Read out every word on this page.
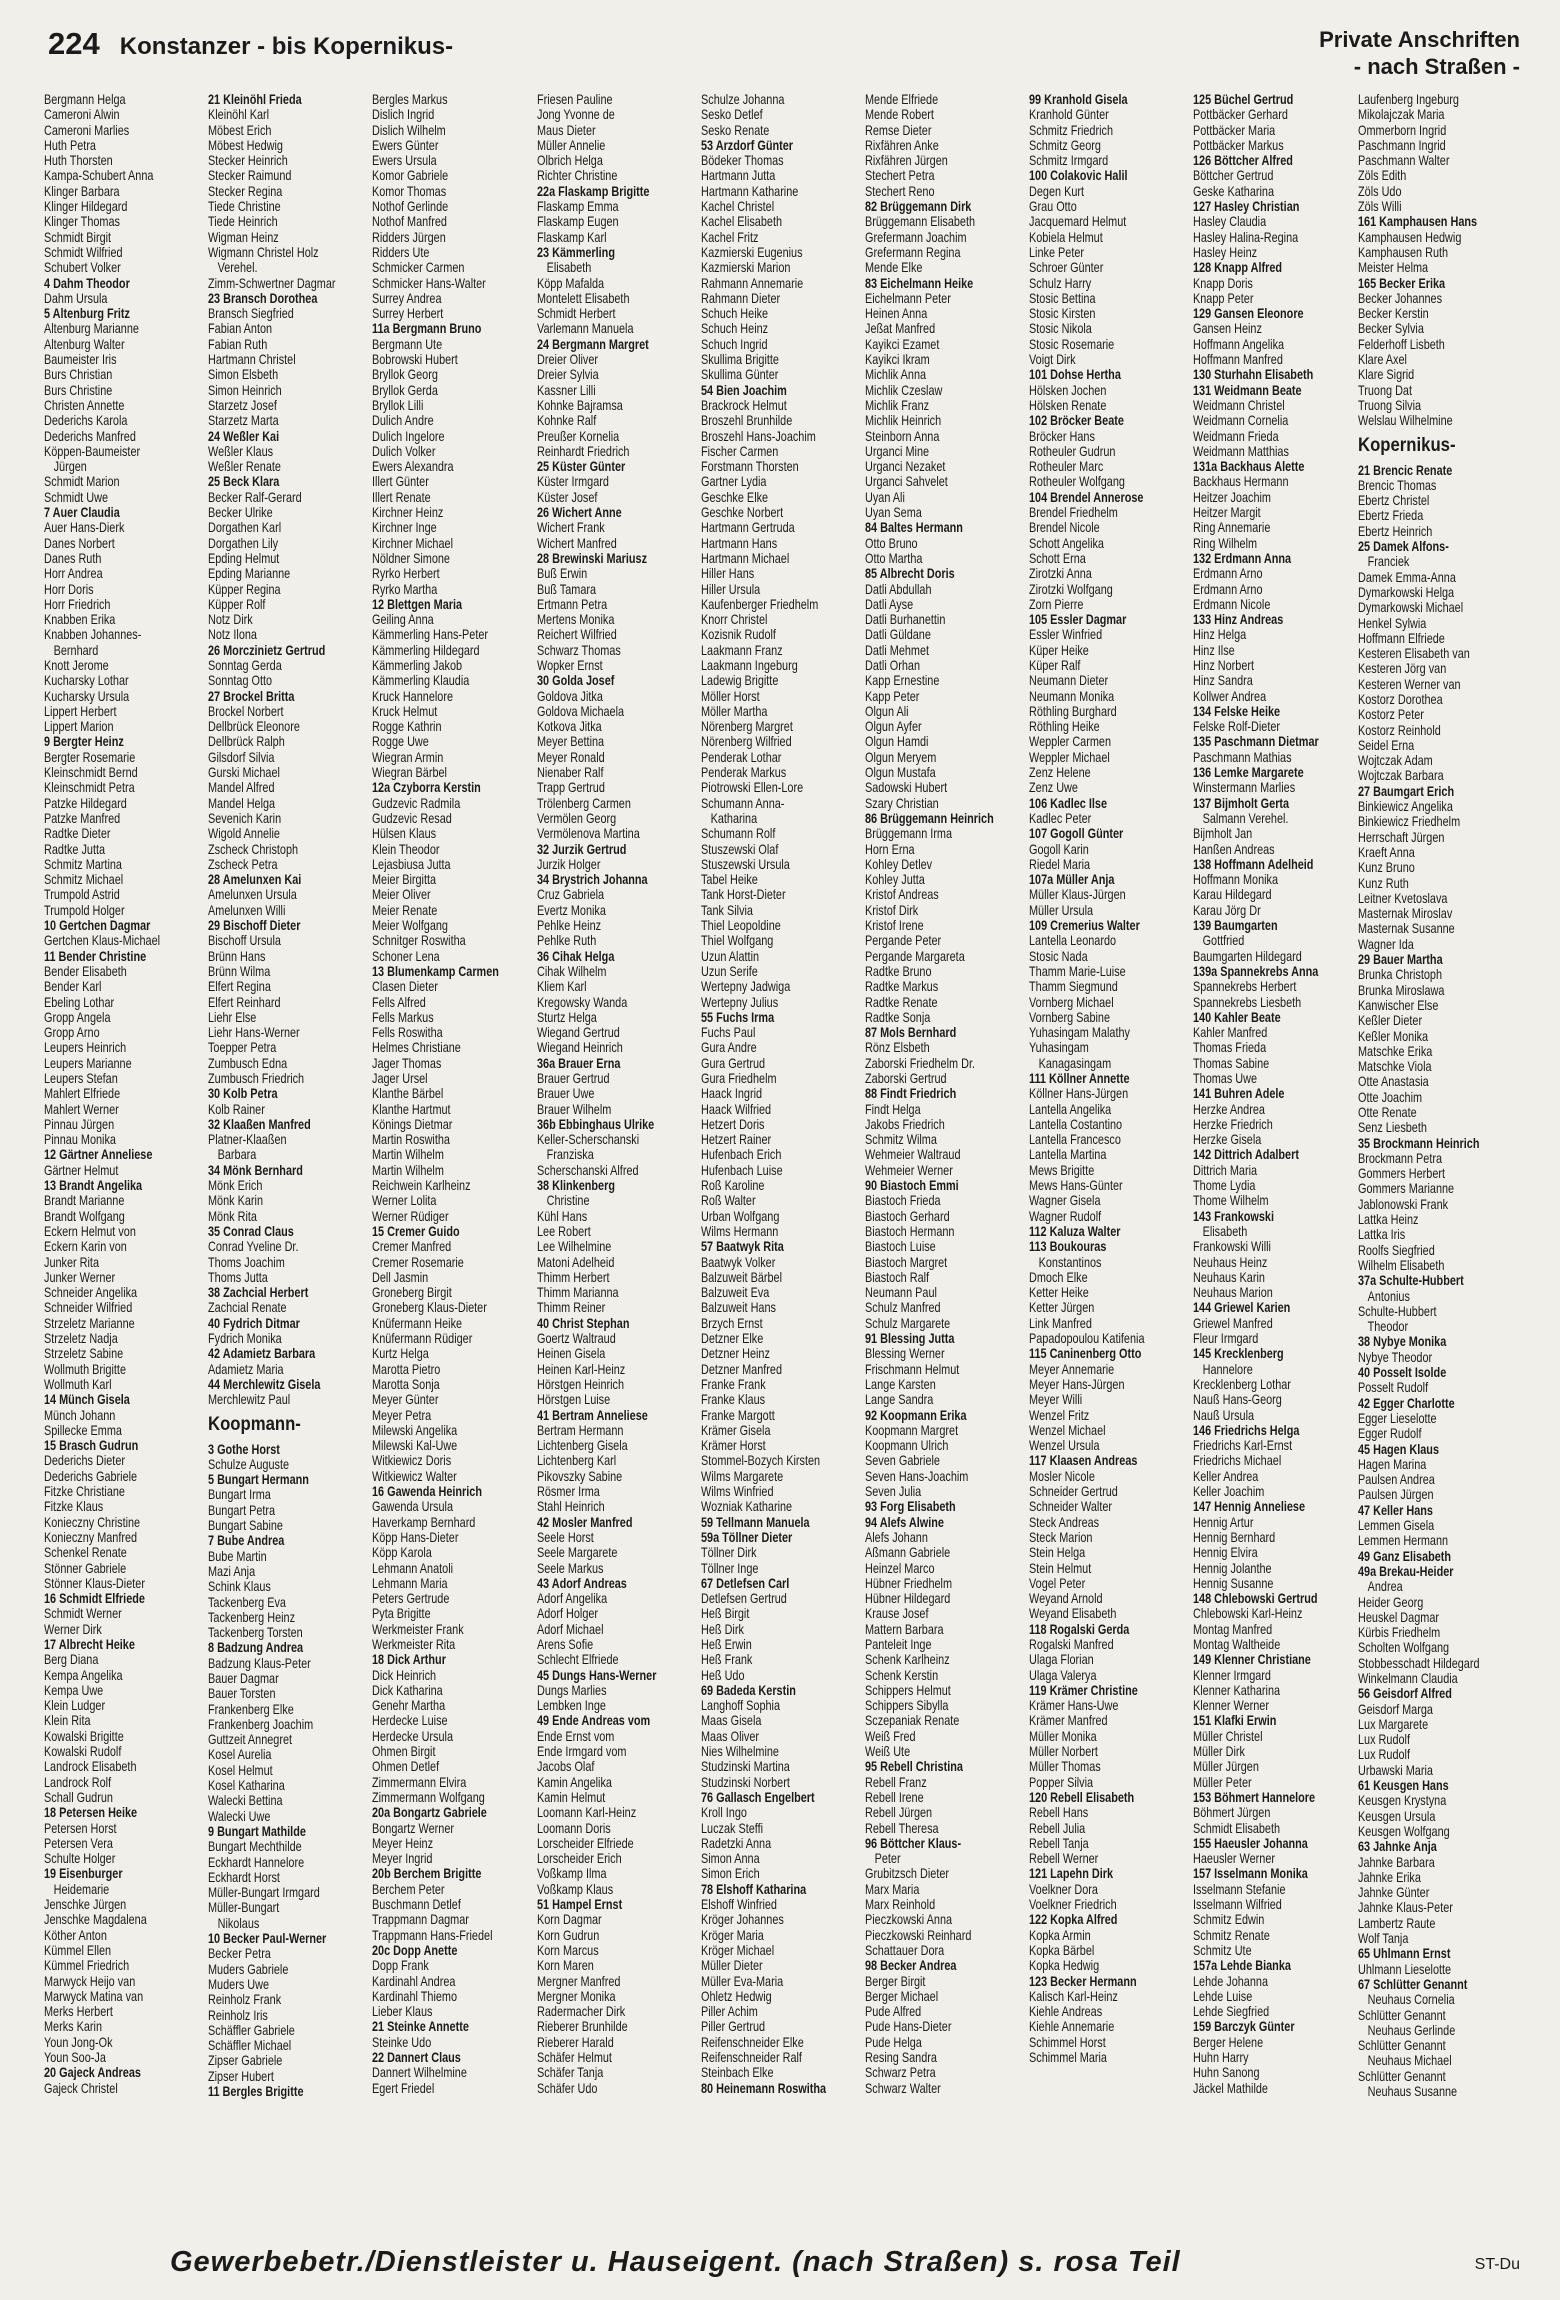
224 Konstanzer - bis Kopernikus-	Private Anschriften
- nach Straßen -
Bergmann Helga
Cameroni Alwin
Cameroni Marlies
Huth Petra
Huth Thorsten
Kampa-Schubert Anna
Klinger Barbara
Klinger Hildegard
Klinger Thomas
Schmidt Birgit
Schmidt Wilfried
Schubert Volker
4 Dahm Theodor
Dahm Ursula
5 Altenburg Fritz
Altenburg Marianne
Altenburg Walter
Baumeister Iris
Burs Christian
Burs Christine
Christen Annette
Dederichs Karola
Dederichs Manfred
Köppen-Baumeister
Jürgen
Schmidt Marion
Schmidt Uwe
7 Auer Claudia
Auer Hans-Dierk
Danes Norbert
Danes Ruth
Horr Andrea
Horr Doris
Horr Friedrich
Knabben Erika
Knabben Johannes-
Bernhard
Knott Jerome
Kucharsky Lothar
Kucharsky Ursula
Lippert Herbert
Lippert Marion
9 Bergter Heinz
Bergter Rosemarie
Kleinschmidt Bernd
Kleinschmidt Petra
Patzke Hildegard
Patzke Manfred
Radtke Dieter
Radtke Jutta
Schmitz Martina
Schmitz Michael
Trumpold Astrid
Trumpold Holger
10 Gertchen Dagmar
Gertchen Klaus-Michael
11 Bender Christine
Bender Elisabeth
Bender Karl
Ebeling Lothar
Gropp Angela
Gropp Arno
Leupers Heinrich
Leupers Marianne
Leupers Stefan
Mahlert Elfriede
Mahlert Werner
Pinnau Jürgen
Pinnau Monika
12 Gärtner Anneliese
Gärtner Helmut
13 Brandt Angelika
Brandt Marianne
Brandt Wolfgang
Eckern Helmut von
Eckern Karin von
Junker Rita
Junker Werner
Schneider Angelika
Schneider Wilfried
Strzeletz Marianne
Strzeletz Nadja
Strzeletz Sabine
Wollmuth Brigitte
Wollmuth Karl
14 Münch Gisela
Münch Johann
Spillecke Emma
15 Brasch Gudrun
Dederichs Dieter
Dederichs Gabriele
Fitzke Christiane
Fitzke Klaus
Konieczny Christine
Konieczny Manfred
Schenkel Renate
Stönner Gabriele
Stönner Klaus-Dieter
16 Schmidt Elfriede
Schmidt Werner
Werner Dirk
17 Albrecht Heike
Berg Diana
Kempa Angelika
Kempa Uwe
Klein Ludger
Klein Rita
Kowalski Brigitte
Kowalski Rudolf
Landrock Elisabeth
Landrock Rolf
Schall Gudrun
18 Petersen Heike
Petersen Horst
Petersen Vera
Schulte Holger
19 Eisenburger
Heidemarie
Jenschke Jürgen
Jenschke Magdalena
Köther Anton
Kümmel Ellen
Kümmel Friedrich
Marwyck Heijo van
Marwyck Matina van
Merks Herbert
Merks Karin
Youn Jong-Ok
Youn Soo-Ja
20 Gajeck Andreas
Gajeck Christel
21 Kleinöhl Frieda
Kleinöhl Karl
Möbest Erich
Möbest Hedwig
Stecker Heinrich
Stecker Raimund
Stecker Regina
Tiede Christine
Tiede Heinrich
Wigman Heinz
Wigmann Christel Holz
Verehel.
Zimm-Schwertner Dagmar
23 Bransch Dorothea
Bransch Siegfried
Fabian Anton
Fabian Ruth
Hartmann Christel
Simon Elsbeth
Simon Heinrich
Starzetz Josef
Starzetz Marta
24 Weßler Kai
Weßler Klaus
Weßler Renate
25 Beck Klara
Becker Ralf-Gerard
Becker Ulrike
Dorgathen Karl
Dorgathen Lily
Epding Helmut
Epding Marianne
Küpper Regina
Küpper Rolf
Notz Dirk
Notz Ilona
26 Morczinietz Gertrud
Sonntag Gerda
Sonntag Otto
27 Brockel Britta
Brockel Norbert
Dellbrück Eleonore
Dellbrück Ralph
Gilsdorf Silvia
Gurski Michael
Mandel Alfred
Mandel Helga
Sevenich Karin
Wigold Annelie
Zscheck Christoph
Zscheck Petra
28 Amelunxen Kai
Amelunxen Ursula
Amelunxen Willi
29 Bischoff Dieter
Bischoff Ursula
Brünn Hans
Brünn Wilma
Elfert Regina
Elfert Reinhard
Liehr Else
Liehr Hans-Werner
Toepper Petra
Zumbusch Edna
Zumbusch Friedrich
30 Kolb Petra
Kolb Rainer
32 Klaaßen Manfred
Platner-Klaaßen
Barbara
34 Mönk Bernhard
Mönk Erich
Mönk Karin
Mönk Rita
35 Conrad Claus
Conrad Yveline Dr.
Thoms Joachim
Thoms Jutta
38 Zachcial Herbert
Zachcial Renate
40 Fydrich Ditmar
Fydrich Monika
42 Adamietz Barbara
Adamietz Maria
44 Merchlewitz Gisela
Merchlewitz Paul
Koopmann-
3 Gothe Horst
Schulze Auguste
5 Bungart Hermann
Bungart Irma
Bungart Petra
Bungart Sabine
7 Bube Andrea
Bube Martin
Mazi Anja
Schink Klaus
Tackenberg Eva
Tackenberg Heinz
Tackenberg Torsten
8 Badzung Andrea
Badzung Klaus-Peter
Bauer Dagmar
Bauer Torsten
Frankenberg Elke
Frankenberg Joachim
Guttzeit Annegret
Kosel Aurelia
Kosel Helmut
Kosel Katharina
Walecki Bettina
Walecki Uwe
9 Bungart Mathilde
Bungart Mechthilde
Eckhardt Hannelore
Eckhardt Horst
Müller-Bungart Irmgard
Müller-Bungart
Nikolaus
10 Becker Paul-Werner
Becker Petra
Muders Gabriele
Muders Uwe
Reinholz Frank
Reinholz Iris
Schäffler Gabriele
Schäffler Michael
Zipser Gabriele
Zipser Hubert
11 Bergles Brigitte
Bergles Markus
Dislich Ingrid
Dislich Wilhelm
Ewers Günter
Ewers Ursula
Komor Gabriele
Komor Thomas
Nothof Gerlinde
Nothof Manfred
Ridders Jürgen
Ridders Ute
Schmicker Carmen
Schmicker Hans-Walter
Surrey Andrea
Surrey Herbert
11a Bergmann Bruno
Bergmann Ute
Bobrowski Hubert
Bryllok Georg
Bryllok Gerda
Bryllok Lilli
Dulich Andre
Dulich Ingelore
Dulich Volker
Ewers Alexandra
Illert Günter
Illert Renate
Kirchner Heinz
Kirchner Inge
Kirchner Michael
Nöldner Simone
Ryrko Herbert
Ryrko Martha
12 Blettgen Maria
Geiling Anna
Kämmerling Hans-Peter
Kämmerling Hildegard
Kämmerling Jakob
Kämmerling Klaudia
Kruck Hannelore
Kruck Helmut
Rogge Kathrin
Rogge Uwe
Wiegran Armin
Wiegran Bärbel
12a Czyborra Kerstin
Gudzevic Radmila
Gudzevic Resad
Hülsen Klaus
Klein Theodor
Lejasbiusa Jutta
Meier Birgitta
Meier Oliver
Meier Renate
Meier Wolfgang
Schnitger Roswitha
Schoner Lena
13 Blumenkamp Carmen
Clasen Dieter
Fells Alfred
Fells Markus
Fells Roswitha
Helmes Christiane
Jager Thomas
Jager Ursel
Klanthe Bärbel
Klanthe Hartmut
Könings Dietmar
Martin Roswitha
Martin Wilhelm
Martin Wilhelm
Reichwein Karlheinz
Werner Lolita
Werner Rüdiger
15 Cremer Guido
Cremer Manfred
Cremer Rosemarie
Dell Jasmin
Groneberg Birgit
Groneberg Klaus-Dieter
Knüfermann Heike
Knüfermann Rüdiger
Kurtz Helga
Marotta Pietro
Marotta Sonja
Meyer Günter
Meyer Petra
Milewski Angelika
Milewski Kal-Uwe
Witkiewicz Doris
Witkiewicz Walter
16 Gawenda Heinrich
Gawenda Ursula
Haverkamp Bernhard
Köpp Hans-Dieter
Köpp Karola
Lehmann Anatoli
Lehmann Maria
Peters Gertrude
Pyta Brigitte
Werkmeister Frank
Werkmeister Rita
18 Dick Arthur
Dick Heinrich
Dick Katharina
Genehr Martha
Herdecke Luise
Herdecke Ursula
Ohmen Birgit
Ohmen Detlef
Zimmermann Elvira
Zimmermann Wolfgang
20a Bongartz Gabriele
Bongartz Werner
Meyer Heinz
Meyer Ingrid
20b Berchem Brigitte
Berchem Peter
Buschmann Detlef
Trappmann Dagmar
Trappmann Hans-Friedel
20c Dopp Anette
Dopp Frank
Kardinahl Andrea
Kardinahl Thiemo
Lieber Klaus
21 Steinke Annette
Steinke Udo
22 Dannert Claus
Dannert Wilhelmine
Egert Friedel
Friesen Pauline
Jong Yvonne de
Maus Dieter
Müller Annelie
Olbrich Helga
Richter Christine
22a Flaskamp Brigitte
Flaskamp Emma
Flaskamp Eugen
Flaskamp Karl
23 Kämmerling
Elisabeth
Köpp Mafalda
Montelett Elisabeth
Schmidt Herbert
Varlemann Manuela
24 Bergmann Margret
Dreier Oliver
Dreier Sylvia
Kassner Lilli
Kohnke Bajramsa
Kohnke Ralf
Preußer Kornelia
Reinhardt Friedrich
25 Küster Günter
Küster Irmgard
Küster Josef
26 Wichert Anne
Wichert Frank
Wichert Manfred
28 Brewinski Mariusz
Buß Erwin
Buß Tamara
Ertmann Petra
Mertens Monika
Reichert Wilfried
Schwarz Thomas
Wopker Ernst
30 Golda Josef
Goldova Jitka
Goldova Michaela
Kotkova Jitka
Meyer Bettina
Meyer Ronald
Nienaber Ralf
Trapp Gertrud
Trölenberg Carmen
Vermölen Georg
Vermölenova Martina
32 Jurzik Gertrud
Jurzik Holger
34 Brystrich Johanna
Cruz Gabriela
Evertz Monika
Pehlke Heinz
Pehlke Ruth
36 Cihak Helga
Cihak Wilhelm
Kliem Karl
Kregowsky Wanda
Sturtz Helga
Wiegand Gertrud
Wiegand Heinrich
36a Brauer Erna
Brauer Gertrud
Brauer Uwe
Brauer Wilhelm
36b Ebbinghaus Ulrike
Keller-Scherschanski
Franziska
Scherschanski Alfred
38 Klinkenberg
Christine
Kühl Hans
Lee Robert
Lee Wilhelmine
Matoni Adelheid
Thimm Herbert
Thimm Marianna
Thimm Reiner
40 Christ Stephan
Goertz Waltraud
Heinen Gisela
Heinen Karl-Heinz
Hörstgen Heinrich
Hörstgen Luise
41 Bertram Anneliese
Bertram Hermann
Lichtenberg Gisela
Lichtenberg Karl
Pikovszky Sabine
Rösmer Irma
Stahl Heinrich
42 Mosler Manfred
Seele Horst
Seele Margarete
Seele Markus
43 Adorf Andreas
Adorf Angelika
Adorf Holger
Adorf Michael
Arens Sofie
Schlecht Elfriede
45 Dungs Hans-Werner
Dungs Marlies
Lembken Inge
49 Ende Andreas vom
Ende Ernst vom
Ende Irmgard vom
Jacobs Olaf
Kamin Angelika
Kamin Helmut
Loomann Karl-Heinz
Loomann Doris
Lorscheider Elfriede
Lorscheider Erich
Voßkamp Ilma
Voßkamp Klaus
51 Hampel Ernst
Korn Dagmar
Korn Gudrun
Korn Marcus
Korn Maren
Mergner Manfred
Mergner Monika
Radermacher Dirk
Rieberer Brunhilde
Rieberer Harald
Schäfer Helmut
Schäfer Tanja
Schäfer Udo
Schulze Johanna
Sesko Detlef
Sesko Renate
53 Arzdorf Günter
Bödeker Thomas
Hartmann Jutta
Hartmann Katharine
Kachel Christel
Kachel Elisabeth
Kachel Fritz
Kazmierski Eugenius
Kazmierski Marion
Rahmann Annemarie
Rahmann Dieter
Schuch Heike
Schuch Heinz
Schuch Ingrid
Skullima Brigitte
Skullima Günter
54 Bien Joachim
Brackrock Helmut
Broszehl Brunhilde
Broszehl Hans-Joachim
Fischer Carmen
Forstmann Thorsten
Gartner Lydia
Geschke Elke
Geschke Norbert
Hartmann Gertruda
Hartmann Hans
Hartmann Michael
Hiller Hans
Hiller Ursula
Kaufenberger Friedhelm
Knorr Christel
Kozisnik Rudolf
Laakmann Franz
Laakmann Ingeburg
Ladewig Brigitte
Möller Horst
Möller Martha
Nörenberg Margret
Nörenberg Wilfried
Penderak Lothar
Penderak Markus
Piotrowski Ellen-Lore
Schumann Anna-
Katharina
Schumann Rolf
Stuszewski Olaf
Stuszewski Ursula
Tabel Heike
Tank Horst-Dieter
Tank Silvia
Thiel Leopoldine
Thiel Wolfgang
Uzun Alattin
Uzun Serife
Wertepny Jadwiga
Wertepny Julius
55 Fuchs Irma
Fuchs Paul
Gura Andre
Gura Gertrud
Gura Friedhelm
Haack Ingrid
Haack Wilfried
Hetzert Doris
Hetzert Rainer
Hufenbach Erich
Hufenbach Luise
Roß Karoline
Roß Walter
Urban Wolfgang
Wilms Hermann
57 Baatwyk Rita
Baatwyk Volker
Balzuweit Bärbel
Balzuweit Eva
Balzuweit Hans
Brzych Ernst
Detzner Elke
Detzner Heinz
Detzner Manfred
Franke Frank
Franke Klaus
Franke Margott
Krämer Gisela
Krämer Horst
Stommel-Bozych Kirsten
Wilms Margarete
Wilms Winfried
Wozniak Katharine
59 Tellmann Manuela
59a Töllner Dieter
Töllner Dirk
Töllner Inge
67 Detlefsen Carl
Detlefsen Gertrud
Heß Birgit
Heß Dirk
Heß Erwin
Heß Frank
Heß Udo
69 Badeda Kerstin
Langhoff Sophia
Maas Gisela
Maas Oliver
Nies Wilhelmine
Studzinski Martina
Studzinski Norbert
76 Gallasch Engelbert
Kroll Ingo
Luczak Steffi
Radetzki Anna
Simon Anna
Simon Erich
78 Elshoff Katharina
Elshoff Winfried
Kröger Johannes
Kröger Maria
Kröger Michael
Müller Dieter
Müller Eva-Maria
Ohletz Hedwig
Piller Achim
Piller Gertrud
Reifenschneider Elke
Reifenschneider Ralf
Steinbach Elke
80 Heinemann Roswitha
Mende Elfriede
Mende Robert
Remse Dieter
Rixfähren Anke
Rixfähren Jürgen
Stechert Petra
Stechert Reno
82 Brüggemann Dirk
Brüggemann Elisabeth
Grefermann Joachim
Grefermann Regina
Mende Elke
83 Eichelmann Heike
Eichelmann Peter
Heinen Anna
Jeßat Manfred
Kayikci Ezamet
Kayikci Ikram
Michlik Anna
Michlik Czeslaw
Michlik Franz
Michlik Heinrich
Steinborn Anna
Urganci Mine
Urganci Nezaket
Urganci Sahvelet
Uyan Ali
Uyan Sema
84 Baltes Hermann
Otto Bruno
Otto Martha
85 Albrecht Doris
Datli Abdullah
Datli Ayse
Datli Burhanettin
Datli Güldane
Datli Mehmet
Datli Orhan
Kapp Ernestine
Kapp Peter
Olgun Ali
Olgun Ayfer
Olgun Hamdi
Olgun Meryem
Olgun Mustafa
Sadowski Hubert
Szary Christian
86 Brüggemann Heinrich
Brüggemann Irma
Horn Erna
Kohley Detlev
Kohley Jutta
Kristof Andreas
Kristof Dirk
Kristof Irene
Pergande Peter
Pergande Margareta
Radtke Bruno
Radtke Markus
Radtke Renate
Radtke Sonja
87 Mols Bernhard
Rönz Elsbeth
Zaborski Friedhelm Dr.
Zaborski Gertrud
88 Findt Friedrich
Findt Helga
Jakobs Friedrich
Schmitz Wilma
Wehmeier Waltraud
Wehmeier Werner
90 Biastoch Emmi
Biastoch Frieda
Biastoch Gerhard
Biastoch Hermann
Biastoch Luise
Biastoch Margret
Biastoch Ralf
Neumann Paul
Schulz Manfred
Schulz Margarete
91 Blessing Jutta
Blessing Werner
Frischmann Helmut
Lange Karsten
Lange Sandra
92 Koopmann Erika
Koopmann Margret
Koopmann Ulrich
Seven Gabriele
Seven Hans-Joachim
Seven Julia
93 Forg Elisabeth
94 Alefs Alwine
Alefs Johann
Aßmann Gabriele
Heinzel Marco
Hübner Friedhelm
Hübner Hildegard
Krause Josef
Mattern Barbara
Panteleit Inge
Schenk Karlheinz
Schenk Kerstin
Schippers Helmut
Schippers Sibylla
Sczepaniak Renate
Weiß Fred
Weiß Ute
95 Rebell Christina
Rebell Franz
Rebell Irene
Rebell Jürgen
Rebell Theresa
96 Böttcher Klaus-
Peter
Grubitzsch Dieter
Marx Maria
Marx Reinhold
Pieczkowski Anna
Pieczkowski Reinhard
Schattauer Dora
98 Becker Andrea
Berger Birgit
Berger Michael
Pude Alfred
Pude Hans-Dieter
Pude Helga
Resing Sandra
Schwarz Petra
Schwarz Walter
99 Kranhold Gisela
Kranhold Günter
Schmitz Friedrich
Schmitz Georg
Schmitz Irmgard
100 Colakovic Halil
Degen Kurt
Grau Otto
Jacquemard Helmut
Kobiela Helmut
Linke Peter
Schroer Günter
Schulz Harry
Stosic Bettina
Stosic Kirsten
Stosic Nikola
Stosic Rosemarie
Voigt Dirk
101 Dohse Hertha
Hölsken Jochen
Hölsken Renate
102 Bröcker Beate
Bröcker Hans
Rotheuler Gudrun
Rotheuler Marc
Rotheuler Wolfgang
104 Brendel Annerose
Brendel Friedhelm
Brendel Nicole
Schott Angelika
Schott Erna
Zirotzki Anna
Zirotzki Wolfgang
Zorn Pierre
105 Essler Dagmar
Essler Winfried
Küper Heike
Küper Ralf
Neumann Dieter
Neumann Monika
Röthling Burghard
Röthling Heike
Weppler Carmen
Weppler Michael
Zenz Helene
Zenz Uwe
106 Kadlec Ilse
Kadlec Peter
107 Gogoll Günter
Gogoll Karin
Riedel Maria
107a Müller Anja
Müller Klaus-Jürgen
Müller Ursula
109 Cremerius Walter
Lantella Leonardo
Stosic Nada
Thamm Marie-Luise
Thamm Siegmund
Vornberg Michael
Vornberg Sabine
Yuhasingam Malathy
Yuhasingam
Kanagasingam
111 Köllner Annette
Köllner Hans-Jürgen
Lantella Angelika
Lantella Costantino
Lantella Francesco
Lantella Martina
Mews Brigitte
Mews Hans-Günter
Wagner Gisela
Wagner Rudolf
112 Kaluza Walter
113 Boukouras
Konstantinos
Dmoch Elke
Ketter Heike
Ketter Jürgen
Link Manfred
Papadopoulou Katifenia
115 Caninenberg Otto
Meyer Annemarie
Meyer Hans-Jürgen
Meyer Willi
Wenzel Fritz
Wenzel Michael
Wenzel Ursula
117 Klaasen Andreas
Mosler Nicole
Schneider Gertrud
Schneider Walter
Steck Andreas
Steck Marion
Stein Helga
Stein Helmut
Vogel Peter
Weyand Arnold
Weyand Elisabeth
118 Rogalski Gerda
Rogalski Manfred
Ulaga Florian
Ulaga Valerya
119 Krämer Christine
Krämer Hans-Uwe
Krämer Manfred
Müller Monika
Müller Norbert
Müller Thomas
Popper Silvia
120 Rebell Elisabeth
Rebell Hans
Rebell Julia
Rebell Tanja
Rebell Werner
121 Lapehn Dirk
Voelkner Dora
Voelkner Friedrich
122 Kopka Alfred
Kopka Armin
Kopka Bärbel
Kopka Hedwig
123 Becker Hermann
Kalisch Karl-Heinz
Kiehle Andreas
Kiehle Annemarie
Schimmel Horst
Schimmel Maria
125 Büchel Gertrud
Pottbäcker Gerhard
Pottbäcker Maria
Pottbäcker Markus
126 Böttcher Alfred
Böttcher Gertrud
Geske Katharina
127 Hasley Christian
Hasley Claudia
Hasley Halina-Regina
Hasley Heinz
128 Knapp Alfred
Knapp Doris
Knapp Peter
129 Gansen Eleonore
Gansen Heinz
Hoffmann Angelika
Hoffmann Manfred
130 Sturhahn Elisabeth
131 Weidmann Beate
Weidmann Christel
Weidmann Cornelia
Weidmann Frieda
Weidmann Matthias
131a Backhaus Alette
Backhaus Hermann
Heitzer Joachim
Heitzer Margit
Ring Annemarie
Ring Wilhelm
132 Erdmann Anna
Erdmann Arno
Erdmann Arno
Erdmann Nicole
133 Hinz Andreas
Hinz Helga
Hinz Ilse
Hinz Norbert
Hinz Sandra
Kollwer Andrea
134 Felske Heike
Felske Rolf-Dieter
135 Paschmann Dietmar
Paschmann Mathias
136 Lemke Margarete
Winstermann Marlies
137 Bijmholt Gerta
Salmann Verehel.
Bijmholt Jan
Hanßen Andreas
138 Hoffmann Adelheid
Hoffmann Monika
Karau Hildegard
Karau Jörg Dr
139 Baumgarten
Gottfried
Baumgarten Hildegard
139a Spannekrebs Anna
Spannekrebs Herbert
Spannekrebs Liesbeth
140 Kahler Beate
Kahler Manfred
Thomas Frieda
Thomas Sabine
Thomas Uwe
141 Buhren Adele
Herzke Andrea
Herzke Friedrich
Herzke Gisela
142 Dittrich Adalbert
Dittrich Maria
Thome Lydia
Thome Wilhelm
143 Frankowski
Elisabeth
Frankowski Willi
Neuhaus Heinz
Neuhaus Karin
Neuhaus Marion
144 Griewel Karien
Griewel Manfred
Fleur Irmgard
145 Krecklenberg
Hannelore
Krecklenberg Lothar
Nauß Hans-Georg
Nauß Ursula
146 Friedrichs Helga
Friedrichs Karl-Ernst
Friedrichs Michael
Keller Andrea
Keller Joachim
147 Hennig Anneliese
Hennig Artur
Hennig Bernhard
Hennig Elvira
Hennig Jolanthe
Hennig Susanne
148 Chlebowski Gertrud
Chlebowski Karl-Heinz
Montag Manfred
Montag Waltheide
149 Klenner Christiane
Klenner Irmgard
Klenner Katharina
Klenner Werner
151 Klafki Erwin
Müller Christel
Müller Dirk
Müller Jürgen
Müller Peter
153 Böhmert Hannelore
Böhmert Jürgen
Schmidt Elisabeth
155 Haeusler Johanna
Haeusler Werner
157 Isselmann Monika
Isselmann Stefanie
Isselmann Wilfried
Schmitz Edwin
Schmitz Renate
Schmitz Ute
157a Lehde Bianka
Lehde Johanna
Lehde Luise
Lehde Siegfried
159 Barczyk Günter
Berger Helene
Huhn Harry
Huhn Sanong
Jäckel Mathilde
Laufenberg Ingeburg
Mikolajczak Maria
Ommerborn Ingrid
Paschmann Ingrid
Paschmann Walter
Zöls Edith
Zöls Udo
Zöls Willi
161 Kamphausen Hans
Kamphausen Hedwig
Kamphausen Ruth
Meister Helma
165 Becker Erika
Becker Johannes
Becker Kerstin
Becker Sylvia
Felderhoff Lisbeth
Klare Axel
Klare Sigrid
Truong Dat
Truong Silvia
Welslau Wilhelmine
Kopernikus-
21 Brencic Renate
Brencic Thomas
Ebertz Christel
Ebertz Frieda
Ebertz Heinrich
25 Damek Alfons-
Franciek
Damek Emma-Anna
Dymarkowski Helga
Dymarkowski Michael
Henkel Sylwia
Hoffmann Elfriede
Kesteren Elisabeth van
Kesteren Jörg van
Kesteren Werner van
Kostorz Dorothea
Kostorz Peter
Kostorz Reinhold
Seidel Erna
Wojtczak Adam
Wojtczak Barbara
27 Baumgart Erich
Binkiewicz Angelika
Binkiewicz Friedhelm
Herrschaft Jürgen
Kraeft Anna
Kunz Bruno
Kunz Ruth
Leitner Kvetoslava
Masternak Miroslav
Masternak Susanne
Wagner Ida
29 Bauer Martha
Brunka Christoph
Brunka Miroslawa
Kanwischer Else
Keßler Dieter
Keßler Monika
Matschke Erika
Matschke Viola
Otte Anastasia
Otte Joachim
Otte Renate
Senz Liesbeth
35 Brockmann Heinrich
Brockmann Petra
Gommers Herbert
Gommers Marianne
Jablonowski Frank
Lattka Heinz
Lattka Iris
Roolfs Siegfried
Wilhelm Elisabeth
37a Schulte-Hubbert
Antonius
Schulte-Hubbert
Theodor
38 Nybye Monika
Nybye Theodor
40 Posselt Isolde
Posselt Rudolf
42 Egger Charlotte
Egger Lieselotte
Egger Rudolf
45 Hagen Klaus
Hagen Marina
Paulsen Andrea
Paulsen Jürgen
47 Keller Hans
Lemmen Gisela
Lemmen Hermann
49 Ganz Elisabeth
49a Brekau-Heider
Andrea
Heider Georg
Heuskel Dagmar
Kürbis Friedhelm
Scholten Wolfgang
Stobbesschadt Hildegard
Winkelmann Claudia
56 Geisdorf Alfred
Geisdorf Marga
Lux Margarete
Lux Rudolf
Lux Rudolf
Urbawski Maria
61 Keusgen Hans
Keusgen Krystyna
Keusgen Ursula
Keusgen Wolfgang
63 Jahnke Anja
Jahnke Barbara
Jahnke Erika
Jahnke Günter
Jahnke Klaus-Peter
Lambertz Raute
Wolf Tanja
65 Uhlmann Ernst
Uhlmann Lieselotte
67 Schlütter Genannt
Neuhaus Cornelia
Schlütter Genannt
Neuhaus Gerlinde
Schlütter Genannt
Neuhaus Michael
Schlütter Genannt
Neuhaus Susanne
Gewerbebetr./Dienstleister u. Hauseigent. (nach Straßen) s. rosa Teil	ST-Du
